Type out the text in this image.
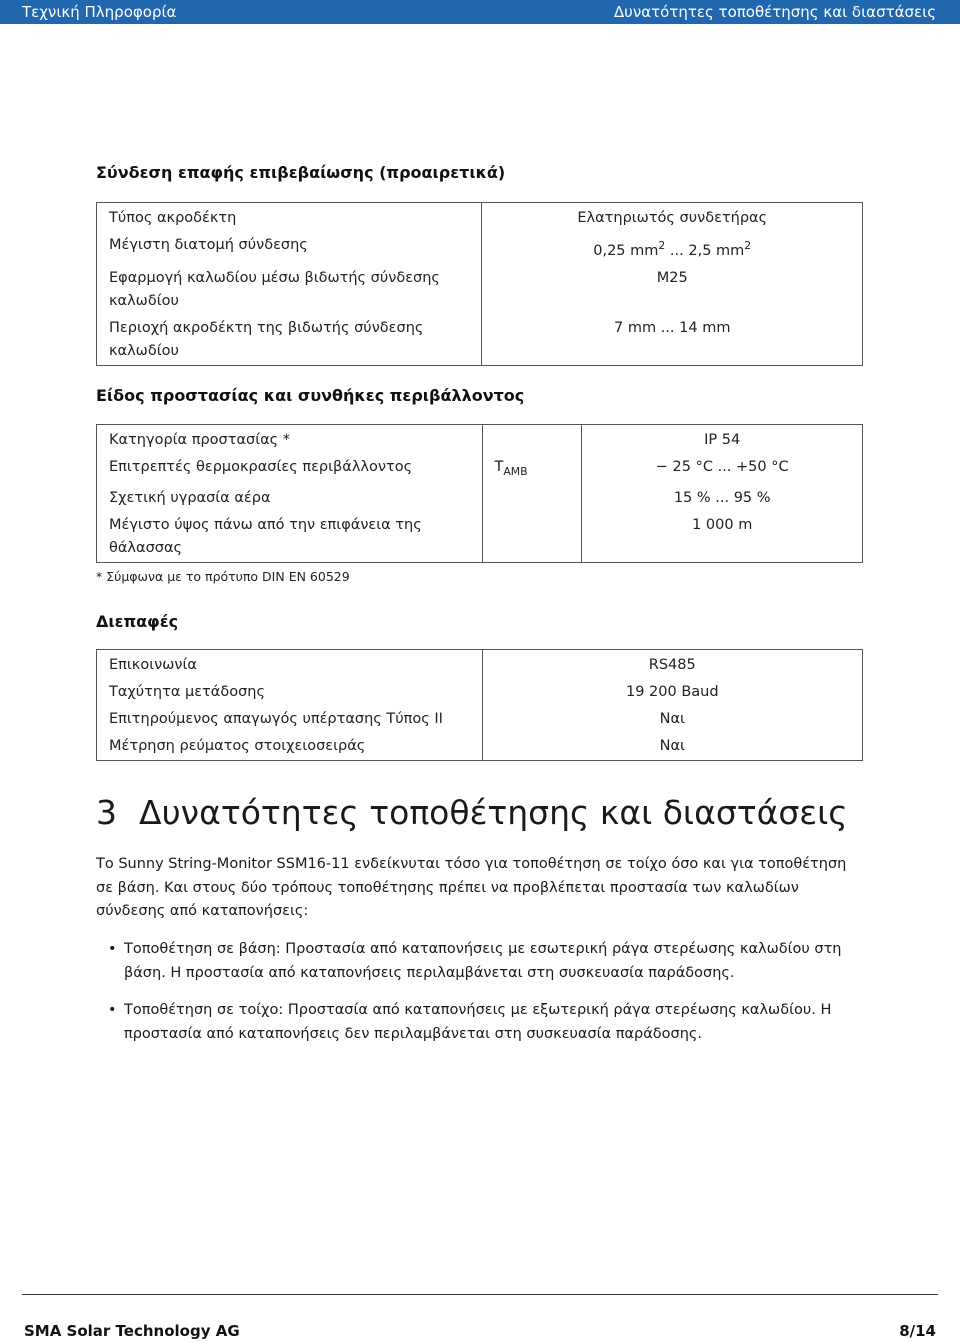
Τεχνική Πληροφορία	Δυνατότητες τοποθέτησης και διαστάσεις
Σύνδεση επαφής επιβεβαίωσης (προαιρετικά)
Τύπος ακροδέκτη	Ελατηριωτός συνδετήρας
Μέγιστη διατομή σύνδεσης	0,25 $mm^2$ ... 2,5 $mm^2$
Εφαρμογή καλωδίου μέσω βιδωτής σύνδεσης καλωδίου	M25
Περιοχή ακροδέκτη της βιδωτής σύνδεσης καλωδίου	7 mm ... 14 mm
Είδος προστασίας και συνθήκες περιβάλλοντος
Κατηγορία προστασίας *		IP 54
Επιτρεπτές θερμοκρασίες περιβάλλοντος	$T_{AMB}$	− 25 °C ... +50 °C
Σχετική υγρασία αέρα		15 % ... 95 %
Μέγιστο ύψος πάνω από την επιφάνεια της θάλασσας		1 000 m
* Σύμφωνα με το πρότυπο DIN EN 60529
Διεπαφές
Επικοινωνία	RS485
Ταχύτητα μετάδοσης	19 200 Baud
Επιτηρούμενος απαγωγός υπέρτασης Τύπος II	Ναι
Μέτρηση ρεύματος στοιχειοσειράς	Ναι
3 Δυνατότητες τοποθέτησης και διαστάσεις
Το Sunny String-Monitor SSM16-11 ενδείκνυται τόσο για τοποθέτηση σε τοίχο όσο και για τοποθέτηση σε βάση. Και στους δύο τρόπους τοποθέτησης πρέπει να προβλέπεται προστασία των καλωδίων σύνδεσης από καταπονήσεις:
• Τοποθέτηση σε βάση: Προστασία από καταπονήσεις με εσωτερική ράγα στερέωσης καλωδίου στη βάση. Η προστασία από καταπονήσεις περιλαμβάνεται στη συσκευασία παράδοσης.
• Τοποθέτηση σε τοίχο: Προστασία από καταπονήσεις με εξωτερική ράγα στερέωσης καλωδίου. Η προστασία από καταπονήσεις δεν περιλαμβάνεται στη συσκευασία παράδοσης.
SMA Solar Technology AG	8/14
